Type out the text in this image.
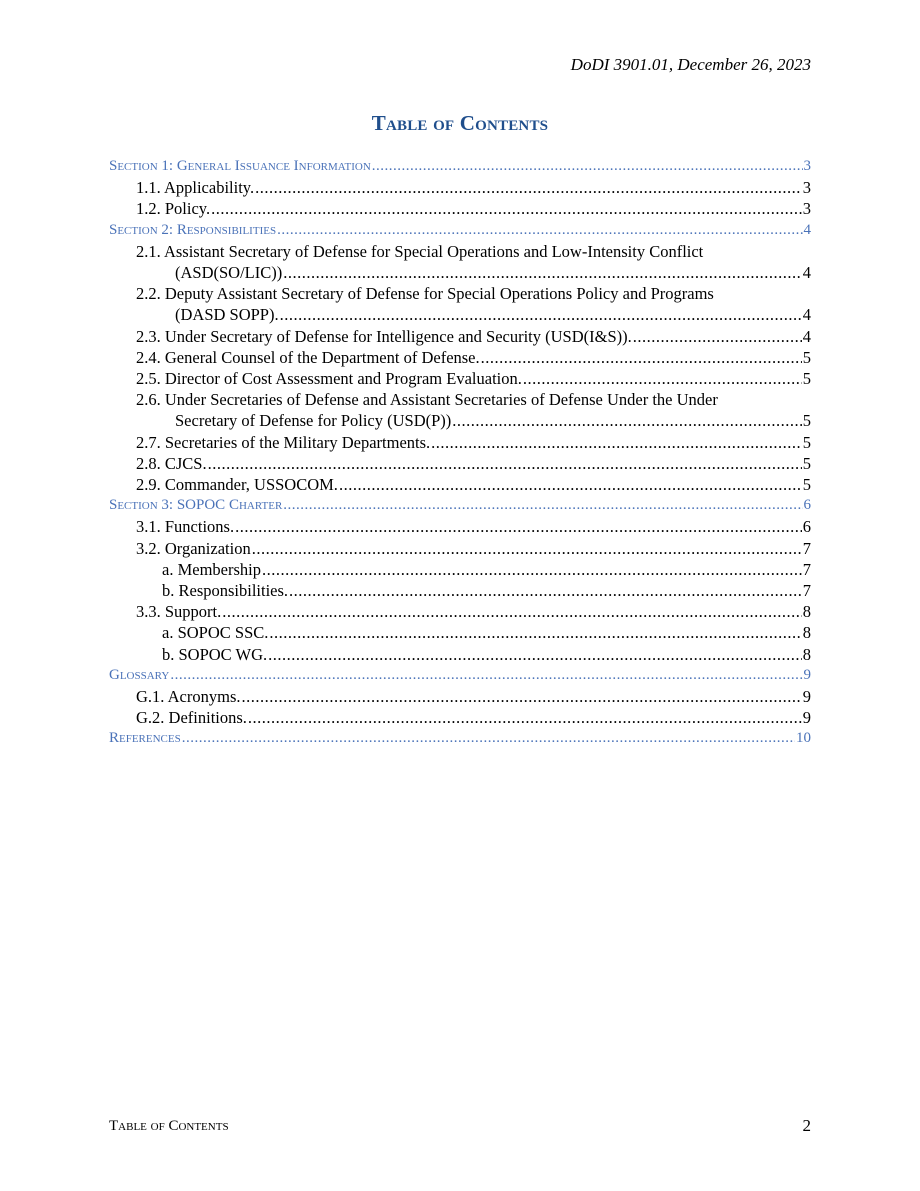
DoDI 3901.01, December 26, 2023
Table of Contents
Section 1: General Issuance Information .....	3
1.1. Applicability. .....	3
1.2. Policy. .....	3
Section 2: Responsibilities .....	4
2.1. Assistant Secretary of Defense for Special Operations and Low-Intensity Conflict
(ASD(SO/LIC)) .....	4
2.2. Deputy Assistant Secretary of Defense for Special Operations Policy and Programs
(DASD SOPP). .....	4
2.3. Under Secretary of Defense for Intelligence and Security (USD(I&S)). .....	4
2.4. General Counsel of the Department of Defense. .....	5
2.5. Director of Cost Assessment and Program Evaluation. .....	5
2.6. Under Secretaries of Defense and Assistant Secretaries of Defense Under the Under
Secretary of Defense for Policy (USD(P)) .....	5
2.7. Secretaries of the Military Departments. .....	5
2.8. CJCS. .....	5
2.9. Commander, USSOCOM. .....	5
Section 3: SOPOC Charter .....	6
3.1. Functions. .....	6
3.2. Organization .....	7
a. Membership .....	7
b. Responsibilities. .....	7
3.3. Support. .....	8
a. SOPOC SSC. .....	8
b. SOPOC WG. .....	8
Glossary .....	9
G.1. Acronyms. .....	9
G.2. Definitions. .....	9
References .....	10
Table of Contents	2
